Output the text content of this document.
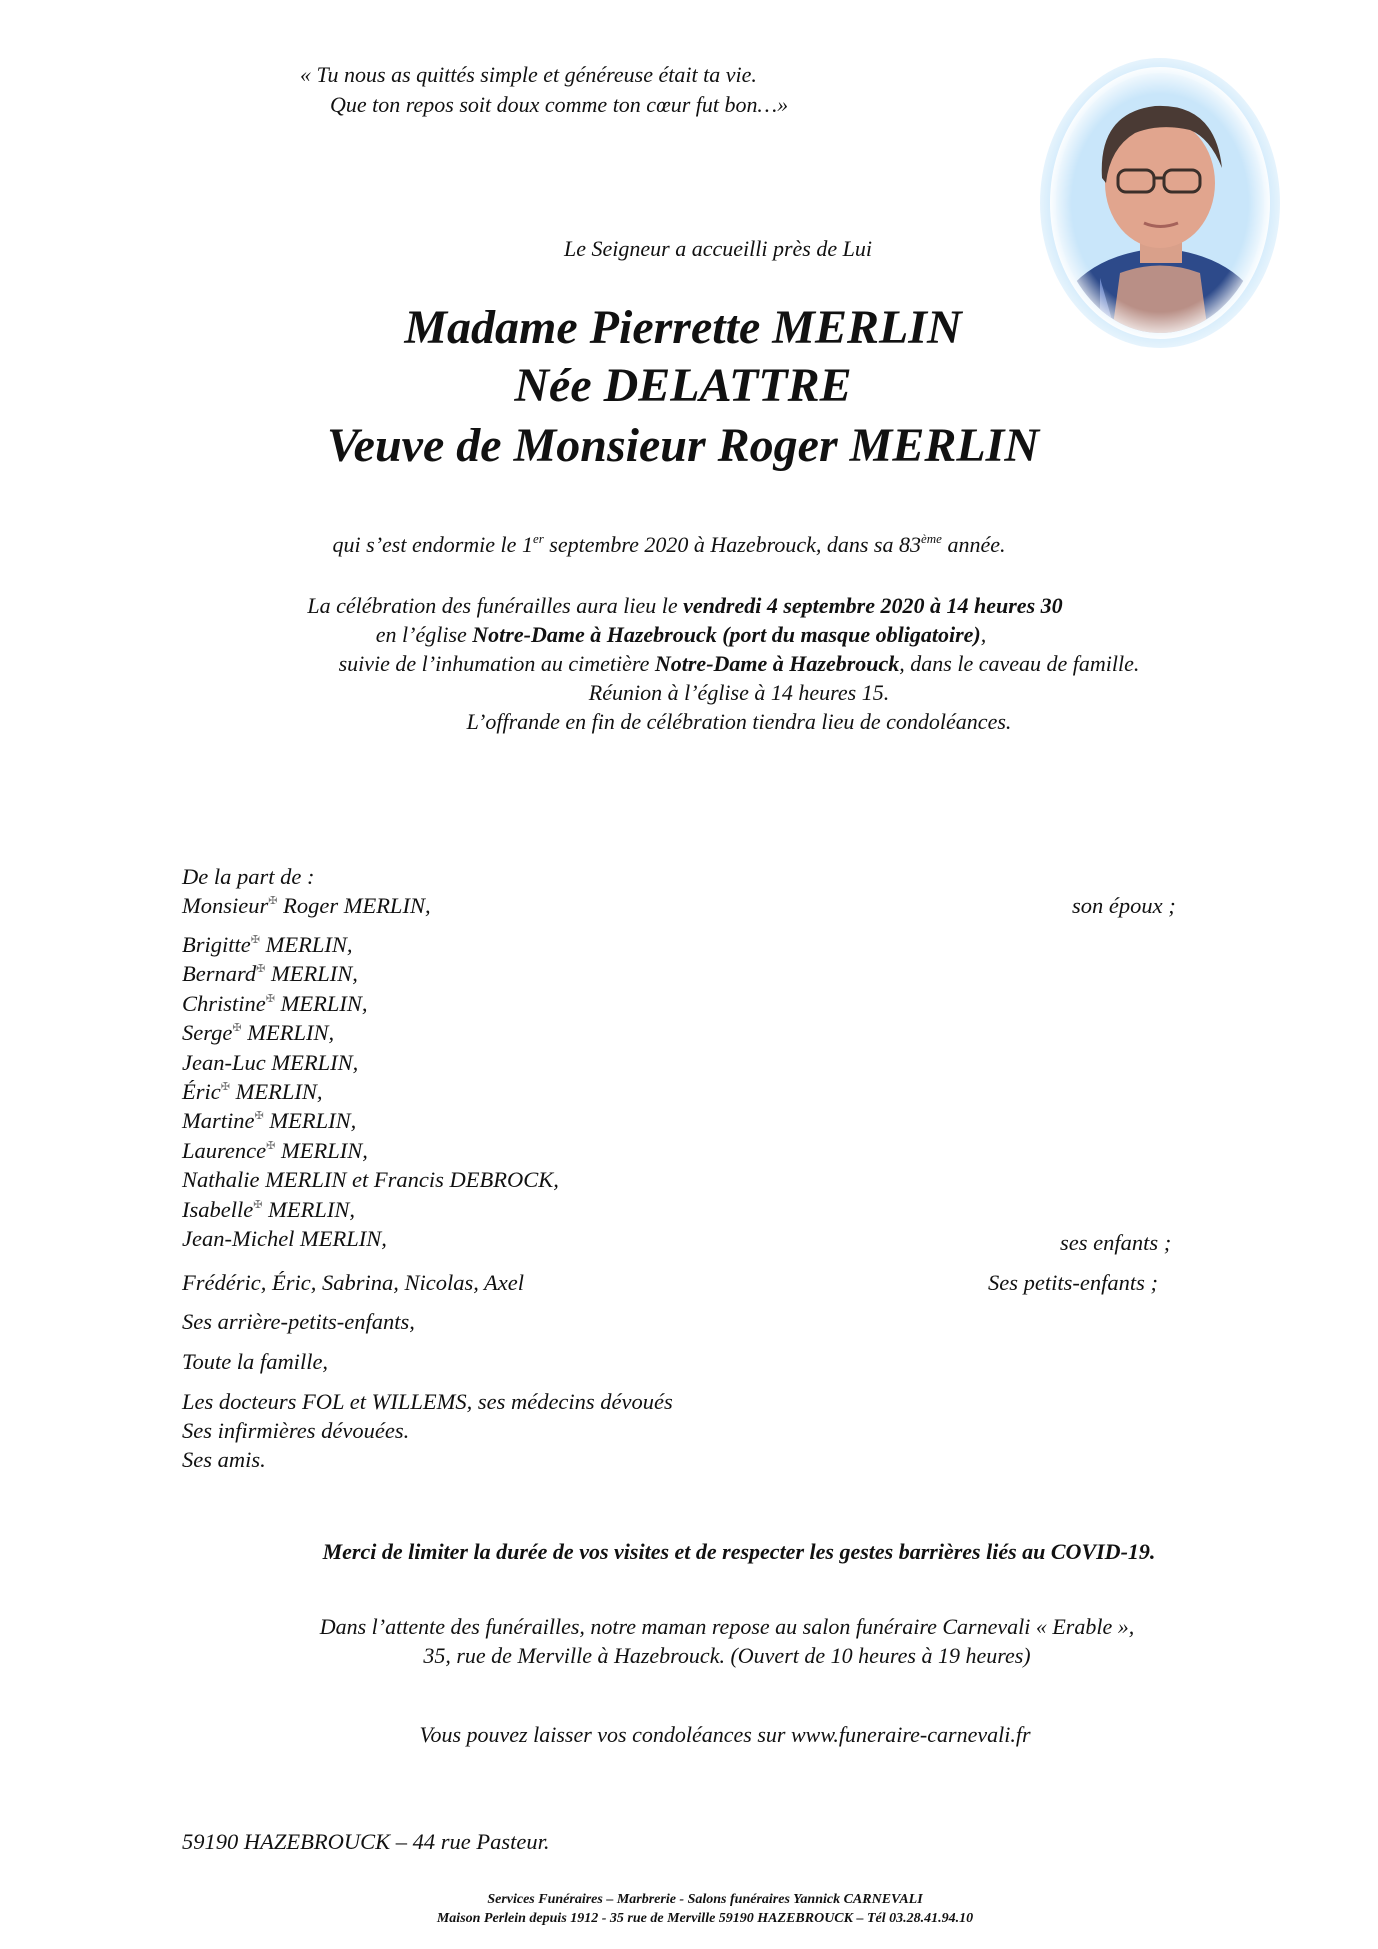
« Tu nous as quittés simple et généreuse était ta vie.
Que ton repos soit doux comme ton cœur fut bon…»
Le Seigneur a accueilli près de Lui
Madame Pierrette MERLIN
Née DELATTRE
Veuve de Monsieur Roger MERLIN
qui s’est endormie le 1er septembre 2020 à Hazebrouck, dans sa 83ème année.
La célébration des funérailles aura lieu le vendredi 4 septembre 2020 à 14 heures 30
en l’église Notre-Dame à Hazebrouck (port du masque obligatoire),
suivie de l’inhumation au cimetière Notre-Dame à Hazebrouck, dans le caveau de famille.
Réunion à l’église à 14 heures 15.
L’offrande en fin de célébration tiendra lieu de condoléances.
De la part de :
Monsieur✠ Roger MERLIN,	son époux ;
Brigitte✠ MERLIN,
Bernard✠ MERLIN,
Christine✠ MERLIN,
Serge✠ MERLIN,
Jean-Luc MERLIN,
Éric✠ MERLIN,
Martine✠ MERLIN,
Laurence✠ MERLIN,
Nathalie MERLIN et Francis DEBROCK,
Isabelle✠ MERLIN,
Jean-Michel MERLIN,	ses enfants ;
Frédéric, Éric, Sabrina, Nicolas, Axel	Ses petits-enfants ;
Ses arrière-petits-enfants,
Toute la famille,
Les docteurs FOL et WILLEMS, ses médecins dévoués
Ses infirmières dévouées.
Ses amis.
Merci de limiter la durée de vos visites et de respecter les gestes barrières liés au COVID-19.
Dans l’attente des funérailles, notre maman repose au salon funéraire Carnevali « Erable »,
35, rue de Merville à Hazebrouck. (Ouvert de 10 heures à 19 heures)
Vous pouvez laisser vos condoléances sur www.funeraire-carnevali.fr
59190 HAZEBROUCK – 44 rue Pasteur.
Services Funéraires – Marbrerie - Salons funéraires Yannick CARNEVALI
Maison Perlein depuis 1912 - 35 rue de Merville 59190 HAZEBROUCK – Tél 03.28.41.94.10
